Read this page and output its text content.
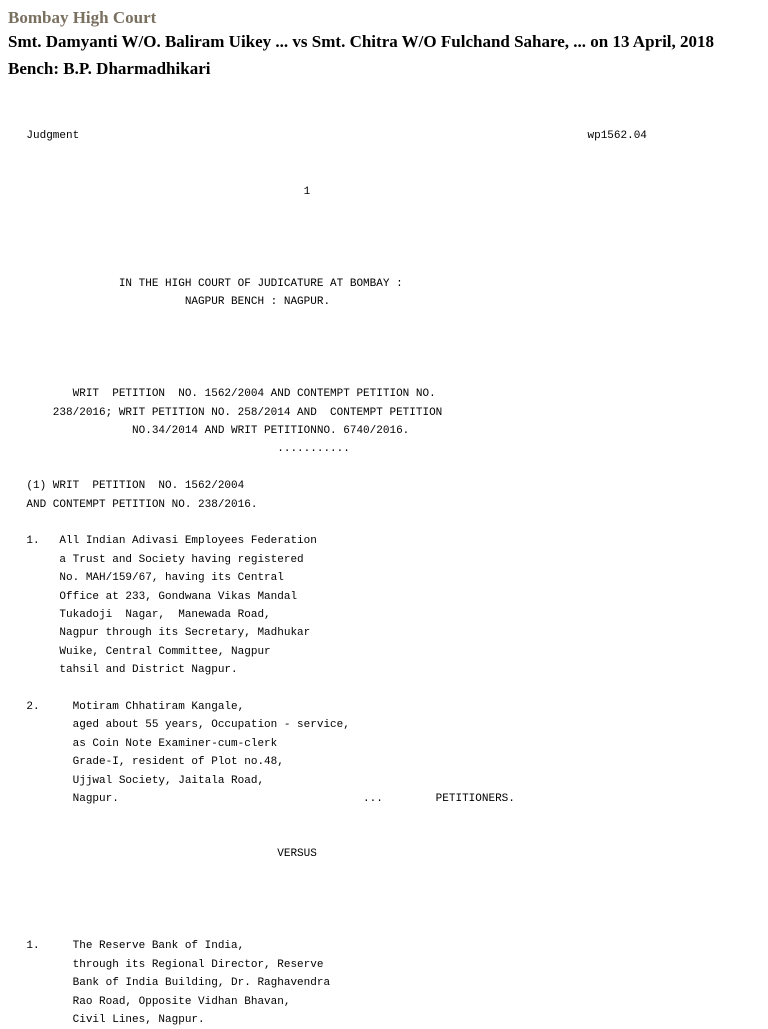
Bombay High Court
Smt. Damyanti W/O. Baliram Uikey ... vs Smt. Chitra W/O Fulchand Sahare, ... on 13 April, 2018
Bench: B.P. Dharmadhikari

Judgment                                                                             wp1562.04

1

IN THE HIGH COURT OF JUDICATURE AT BOMBAY :
NAGPUR BENCH : NAGPUR.

WRIT  PETITION  NO. 1562/2004 AND CONTEMPT PETITION NO.
238/2016; WRIT PETITION NO. 258/2014 AND  CONTEMPT PETITION
NO.34/2014 AND WRIT PETITIONNO. 6740/2016.
...........

(1) WRIT  PETITION  NO. 1562/2004
AND CONTEMPT PETITION NO. 238/2016.

1.   All Indian Adivasi Employees Federation
a Trust and Society having registered
No. MAH/159/67, having its Central
Office at 233, Gondwana Vikas Mandal
Tukadoji  Nagar,  Manewada Road,
Nagpur through its Secretary, Madhukar
Wuike, Central Committee, Nagpur
tahsil and District Nagpur.

2.     Motiram Chhatiram Kangale,
aged about 55 years, Occupation - service,
as Coin Note Examiner-cum-clerk
Grade-I, resident of Plot no.48,
Ujjwal Society, Jaitala Road,
Nagpur.                                     ...        PETITIONERS.

VERSUS

1.     The Reserve Bank of India,
through its Regional Director, Reserve
Bank of India Building, Dr. Raghavendra
Rao Road, Opposite Vidhan Bhavan,
Civil Lines, Nagpur.
